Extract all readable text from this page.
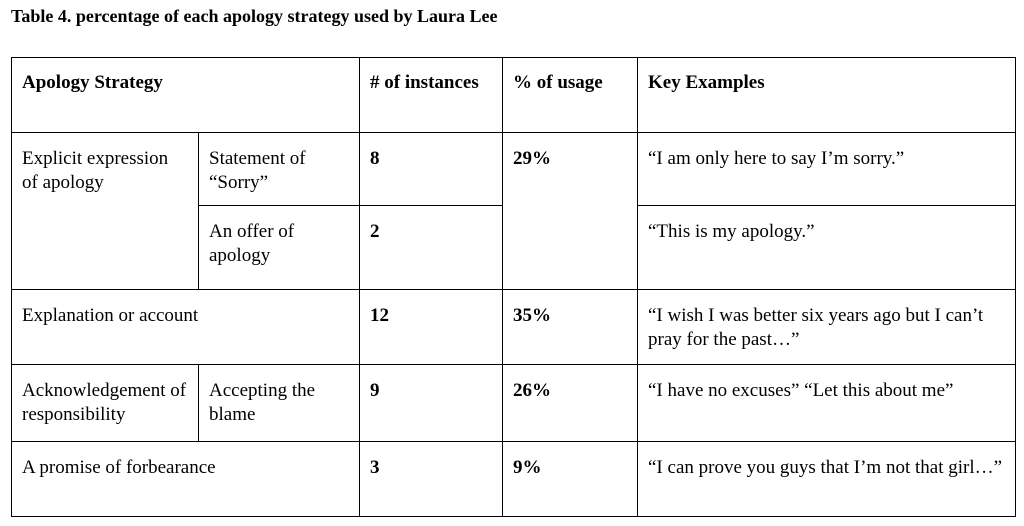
Table 4. percentage of each apology strategy used by Laura Lee
Apology Strategy		# of instances	% of usage	Key Examples
Explicit expression of apology	Statement of “Sorry”	8	29%	“I am only here to say I’m sorry.”
	An offer of apology	2		“This is my apology.”
Explanation or account		12	35%	“I wish I was better six years ago but I can’t pray for the past…”
Acknowledgement of responsibility	Accepting the blame	9	26%	“I have no excuses” “Let this about me”
A promise of forbearance		3	9%	“I can prove you guys that I’m not that girl…”
